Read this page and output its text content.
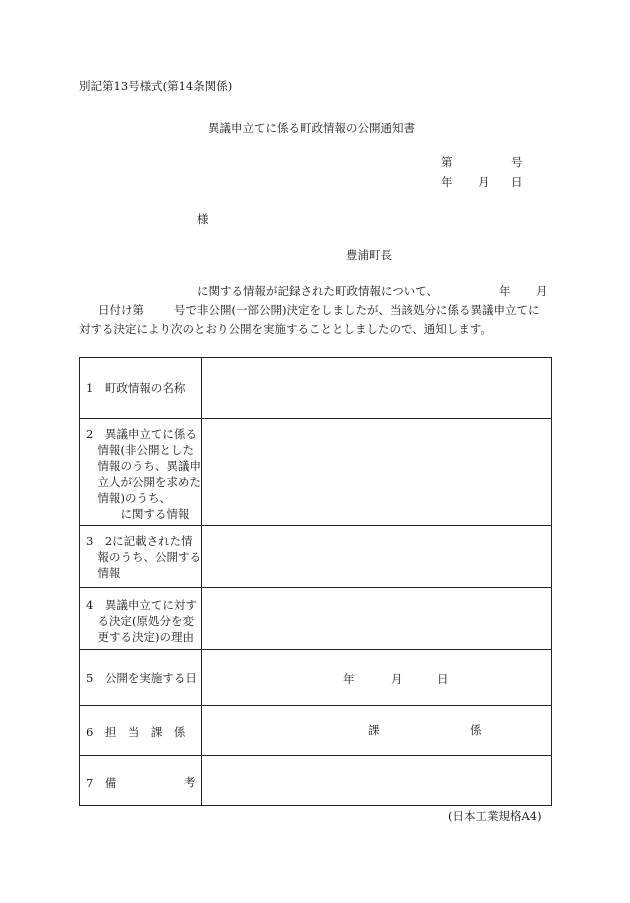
別記第13号様式(第14条関係)
異議申立てに係る町政情報の公開通知書
第	号
年 月 日
様
豊浦町長
に関する情報が記録された町政情報について、	年 月
日付け第	号で非公開(一部公開)決定をしましたが、当該処分に係る異議申立てに
対する決定により次のとおり公開を実施することとしましたので、通知します。
1　町政情報の名称
2　異議申立てに係る
　情報(非公開とした
　情報のうち、異議申
　立人が公開を求めた
　情報)のうち、
　　　に関する情報
3　2に記載された情
　報のうち、公開する
　情報
4　異議申立てに対す
　る決定(原処分を変
　更する決定)の理由
5　公開を実施する日	年	月	日
6　担　当　課　係	課	係
7　備	考
(日本工業規格A4)
